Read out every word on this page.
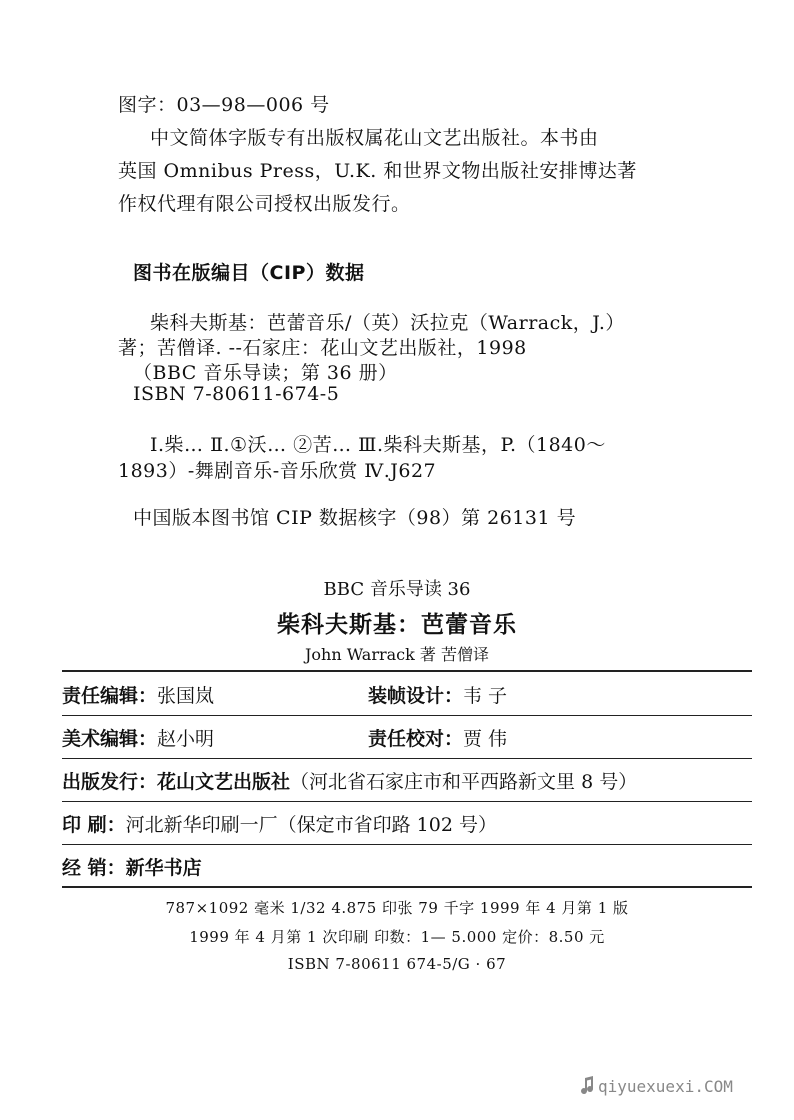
图字：03—98—006 号
中文简体字版专有出版权属花山文艺出版社。本书由
英国 Omnibus Press，U.K. 和世界文物出版社安排博达著
作权代理有限公司授权出版发行。
图书在版编目（CIP）数据
柴科夫斯基：芭蕾音乐/（英）沃拉克（Warrack，J.）
著；苦僧译. --石家庄：花山文艺出版社，1998
（BBC 音乐导读；第 36 册）
ISBN 7-80611-674-5
Ⅰ.柴… Ⅱ.①沃… ②苦… Ⅲ.柴科夫斯基，P.（1840～
1893）-舞剧音乐-音乐欣赏 Ⅳ.J627
中国版本图书馆 CIP 数据核字（98）第 26131 号
BBC 音乐导读 36
柴科夫斯基：芭蕾音乐
John Warrack 著 苦僧译
责任编辑：张国岚	装帧设计：韦 子
美术编辑：赵小明	责任校对：贾 伟
出版发行：花山文艺出版社（河北省石家庄市和平西路新文里 8 号）
印 刷：河北新华印刷一厂（保定市省印路 102 号）
经 销：新华书店
787×1092 毫米 1/32 4.875 印张 79 千字 1999 年 4 月第 1 版
1999 年 4 月第 1 次印刷 印数：1— 5.000 定价：8.50 元
ISBN 7-80611 674-5/G · 67
qiyuexuexi.COM
